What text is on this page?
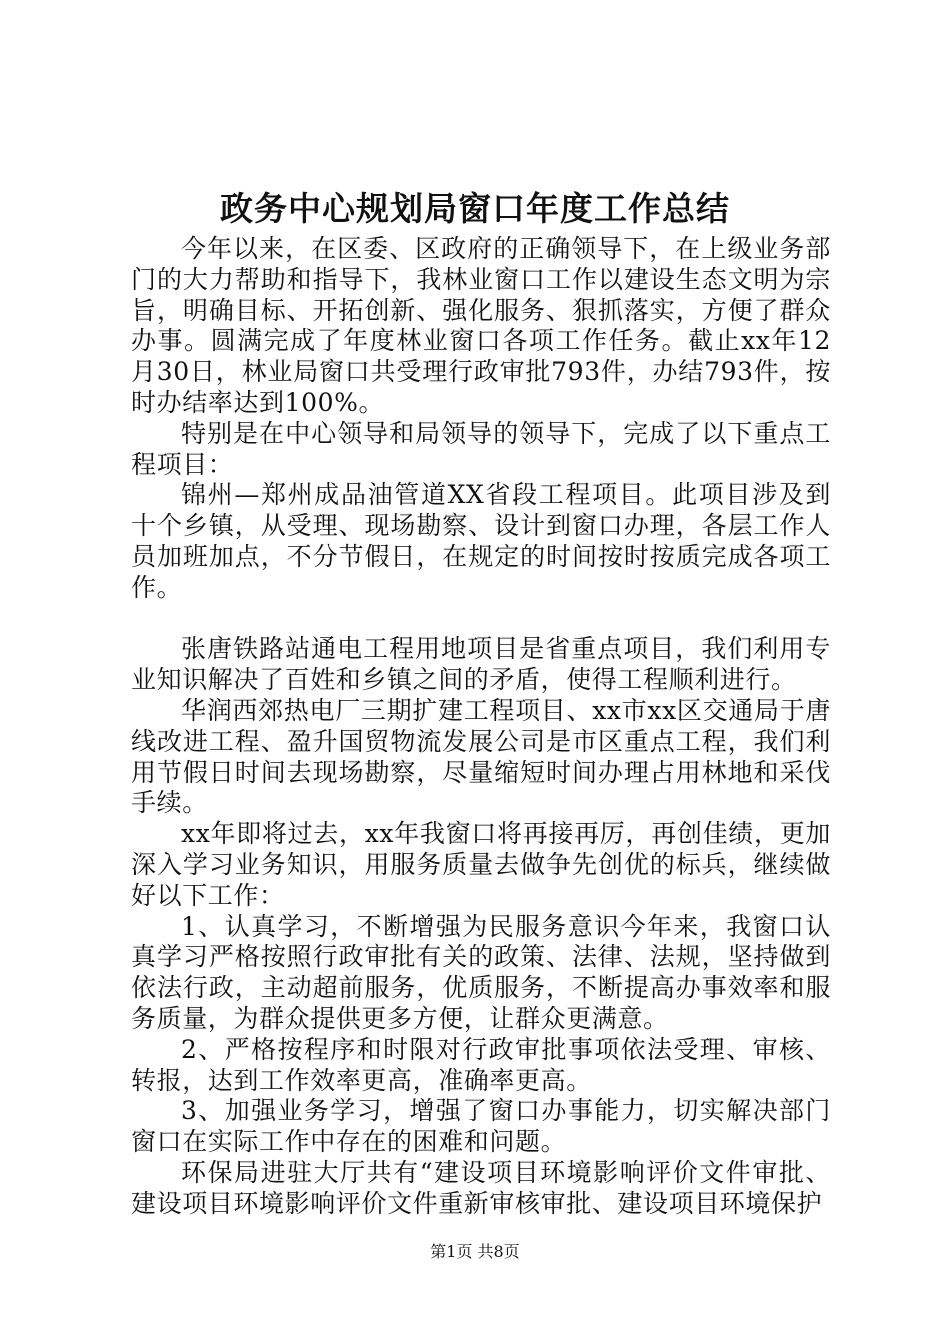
政务中心规划局窗口年度工作总结

今年以来，在区委、区政府的正确领导下，在上级业务部门的大力帮助和指导下，我林业窗口工作以建设生态文明为宗旨，明确目标、开拓创新、强化服务、狠抓落实，方便了群众办事。圆满完成了年度林业窗口各项工作任务。截止xx年12月30日，林业局窗口共受理行政审批793件，办结793件，按时办结率达到100%。

特别是在中心领导和局领导的领导下，完成了以下重点工程项目：

锦州—郑州成品油管道XX省段工程项目。此项目涉及到十个乡镇，从受理、现场勘察、设计到窗口办理，各层工作人员加班加点，不分节假日，在规定的时间按时按质完成各项工作。

张唐铁路站通电工程用地项目是省重点项目，我们利用专业知识解决了百姓和乡镇之间的矛盾，使得工程顺利进行。

华润西郊热电厂三期扩建工程项目、xx市xx区交通局于唐线改进工程、盈升国贸物流发展公司是市区重点工程，我们利用节假日时间去现场勘察，尽量缩短时间办理占用林地和采伐手续。

xx年即将过去，xx年我窗口将再接再厉，再创佳绩，更加深入学习业务知识，用服务质量去做争先创优的标兵，继续做好以下工作：

1、认真学习，不断增强为民服务意识今年来，我窗口认真学习严格按照行政审批有关的政策、法律、法规，坚持做到依法行政，主动超前服务，优质服务，不断提高办事效率和服务质量，为群众提供更多方便，让群众更满意。

2、严格按程序和时限对行政审批事项依法受理、审核、转报，达到工作效率更高，准确率更高。

3、加强业务学习，增强了窗口办事能力，切实解决部门窗口在实际工作中存在的困难和问题。

环保局进驻大厅共有“建设项目环境影响评价文件审批、建设项目环境影响评价文件重新审核审批、建设项目环境保护

第1页 共8页
